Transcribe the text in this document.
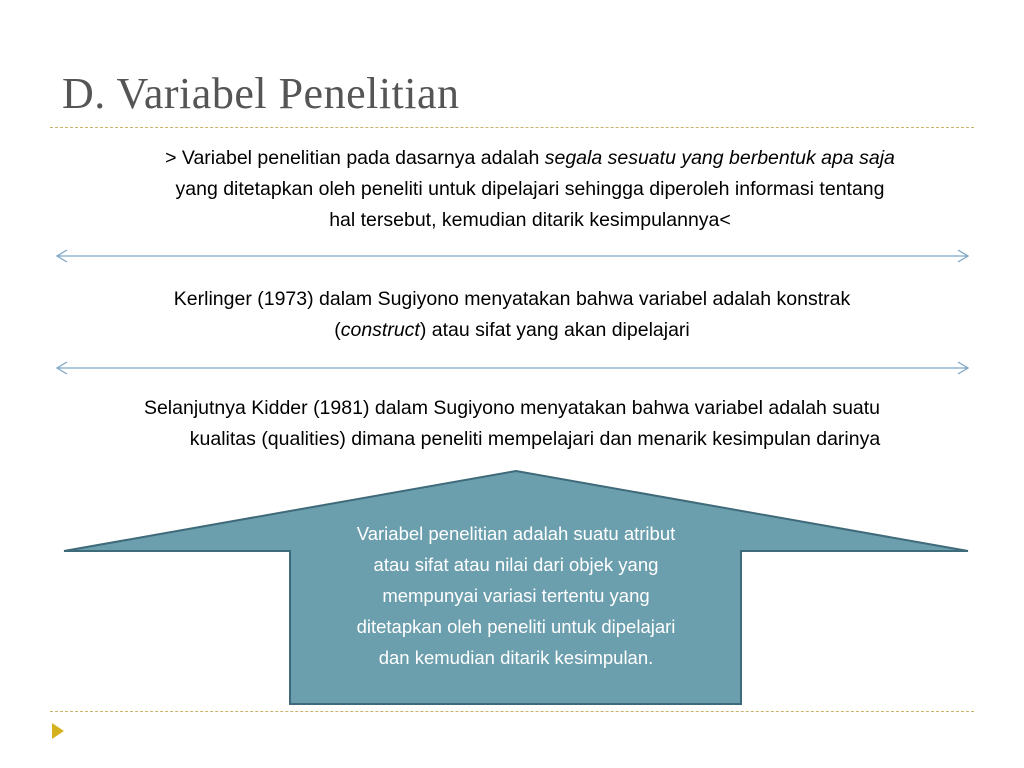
D. Variabel Penelitian
> Variabel penelitian pada dasarnya adalah segala sesuatu yang berbentuk apa saja
yang ditetapkan oleh peneliti untuk dipelajari sehingga diperoleh informasi tentang
hal tersebut, kemudian ditarik kesimpulannya<
Kerlinger (1973) dalam Sugiyono menyatakan bahwa variabel adalah konstrak
(construct) atau sifat yang akan dipelajari
Selanjutnya Kidder (1981) dalam Sugiyono menyatakan bahwa variabel adalah suatu
kualitas (qualities) dimana peneliti mempelajari dan menarik kesimpulan darinya
Variabel penelitian adalah suatu atribut
atau sifat atau nilai dari objek yang
mempunyai variasi tertentu yang
ditetapkan oleh peneliti untuk dipelajari
dan kemudian ditarik kesimpulan.
